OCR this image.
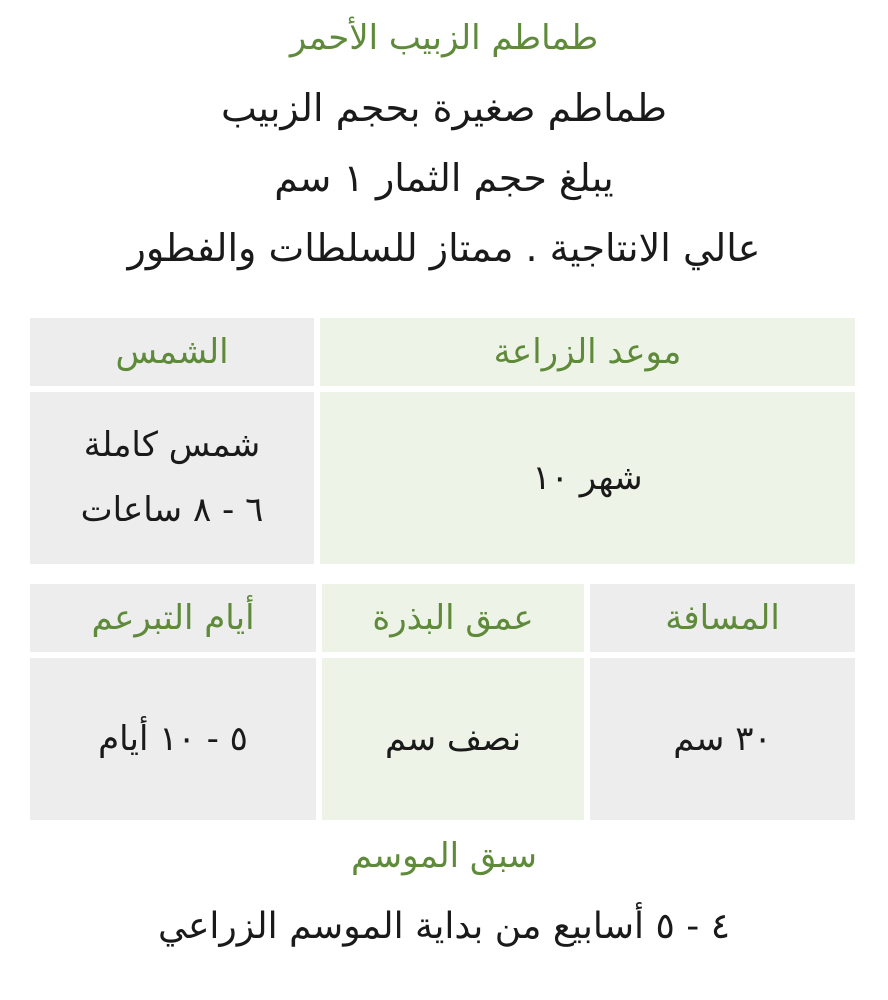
طماطم الزبيب الأحمر
طماطم صغيرة بحجم الزبيب
يبلغ حجم الثمار ١ سم
عالي الانتاجية . ممتاز للسلطات والفطور
موعد الزراعة
الشمس
شهر ١٠
شمس كاملة
٦ - ٨ ساعات
المسافة
عمق البذرة
أيام التبرعم
٣٠ سم
نصف سم
٥ - ١٠ أيام
سبق الموسم
٤ - ٥ أسابيع من بداية الموسم الزراعي
